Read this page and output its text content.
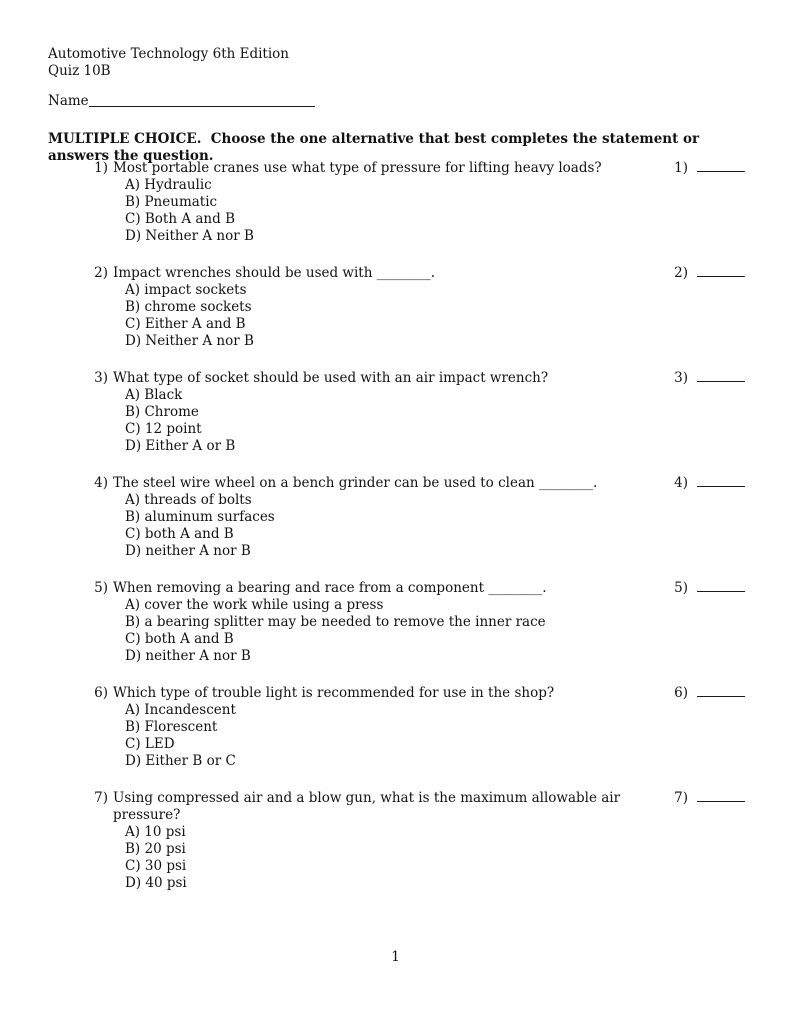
Automotive Technology 6th Edition
Quiz 10B
Name
MULTIPLE CHOICE.  Choose the one alternative that best completes the statement or answers the question.
1) Most portable cranes use what type of pressure for lifting heavy loads?
A) Hydraulic
B) Pneumatic
C) Both A and B
D) Neither A nor B
1)
2) Impact wrenches should be used with ________.
A) impact sockets
B) chrome sockets
C) Either A and B
D) Neither A nor B
2)
3) What type of socket should be used with an air impact wrench?
A) Black
B) Chrome
C) 12 point
D) Either A or B
3)
4) The steel wire wheel on a bench grinder can be used to clean ________.
A) threads of bolts
B) aluminum surfaces
C) both A and B
D) neither A nor B
4)
5) When removing a bearing and race from a component ________.
A) cover the work while using a press
B) a bearing splitter may be needed to remove the inner race
C) both A and B
D) neither A nor B
5)
6) Which type of trouble light is recommended for use in the shop?
A) Incandescent
B) Florescent
C) LED
D) Either B or C
6)
7) Using compressed air and a blow gun, what is the maximum allowable air pressure?
A) 10 psi
B) 20 psi
C) 30 psi
D) 40 psi
7)
1
